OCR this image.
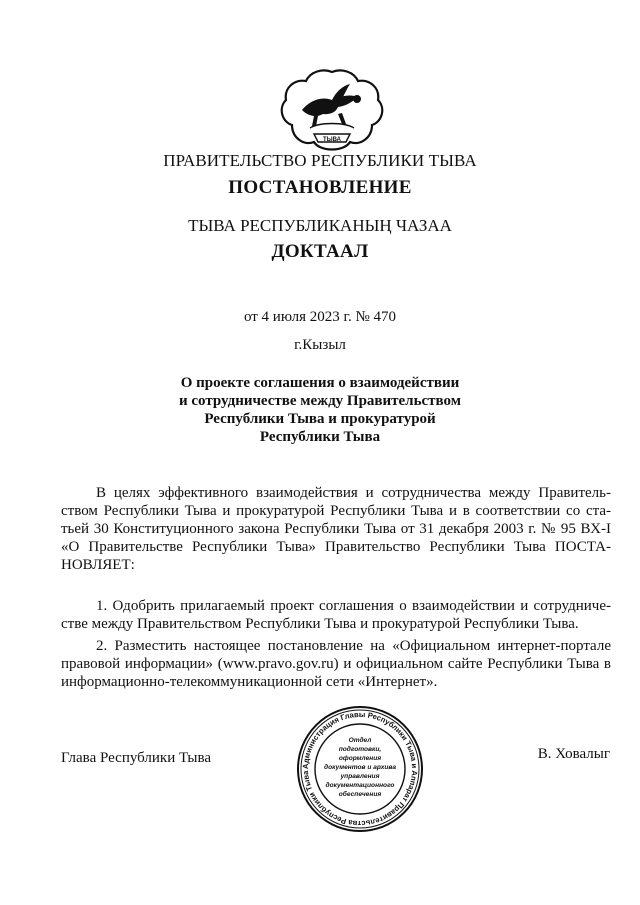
ТЫВА
ПРАВИТЕЛЬСТВО РЕСПУБЛИКИ ТЫВА
ПОСТАНОВЛЕНИЕ
ТЫВА РЕСПУБЛИКАНЫҢ ЧАЗАА
ДОКТААЛ
от 4 июля 2023 г. № 470
г.Кызыл
О проекте соглашения о взаимодействии
и сотрудничестве между Правительством
Республики Тыва и прокуратурой
Республики Тыва
В целях эффективного взаимодействия и сотрудничества между Правитель-
ством Республики Тыва и прокуратурой Республики Тыва и в соответствии со ста-
тьей 30 Конституционного закона Республики Тыва от 31 декабря 2003 г. № 95 ВХ-I
«О Правительстве Республики Тыва» Правительство Республики Тыва ПОСТА-
НОВЛЯЕТ:
1. Одобрить прилагаемый проект соглашения о взаимодействии и сотрудниче-
стве между Правительством Республики Тыва и прокуратурой Республики Тыва.
2. Разместить настоящее постановление на «Официальном интернет-портале
правовой информации» (www.pravo.gov.ru) и официальном сайте Республики Тыва в
информационно-телекоммуникационной сети «Интернет».
Глава Республики Тыва	В. Ховалыг
Администрация Главы Республики Тыва и Аппарат Правительства Республики Тыва
Отдел
подготовки,
оформления
документов и архива
управления
документационного
обеспечения
